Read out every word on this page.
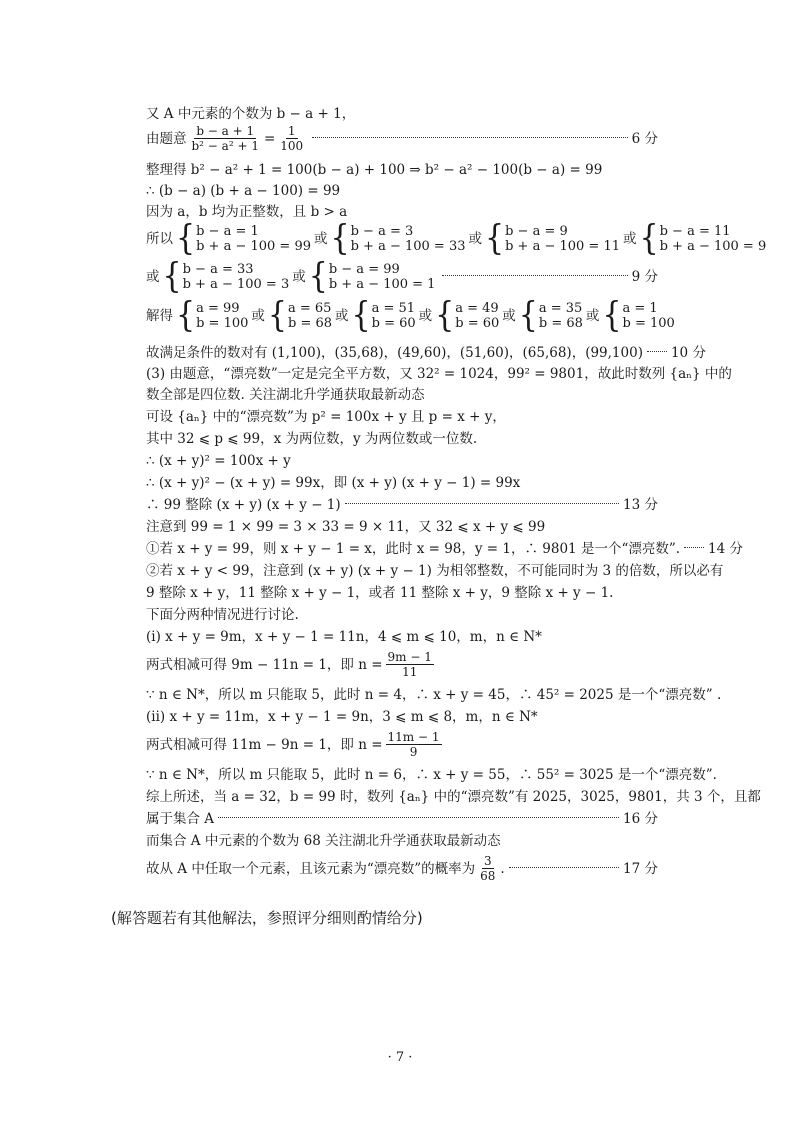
又 A 中元素的个数为 b − a + 1，
由题意 $\frac{b - a + 1}{\text{b² − a² + 1}} = \frac{1}{100}$	6 分
整理得 b² − a² + 1 = 100(b − a) + 100 ⇒ b² − a² − 100(b − a) = 99
∴ (b − a) (b + a − 100) = 99
因为 a，b 均为正整数，且 b > a
所以 { b − a = 1
b + a − 100 = 99 或 { b − a = 3
b + a − 100 = 33 或 { b − a = 9
b + a − 100 = 11 或 { b − a = 11
b + a − 100 = 9
或 { b − a = 33
b + a − 100 = 3 或 { b − a = 99
b + a − 100 = 1	9 分
解得 { a = 99
b = 100 或 { a = 65
b = 68 或 { a = 51
b = 60 或 { a = 49
b = 60 或 { a = 35
b = 68 或 { a = 1
b = 100
故满足条件的数对有 (1,100)，(35,68)，(49,60)，(51,60)，(65,68)，(99,100) 10 分
(3) 由题意，“漂亮数”一定是完全平方数，又 32² = 1024，99² = 9801，故此时数列 {aₙ} 中的
数全部是四位数. 关注湖北升学通获取最新动态
可设 {aₙ} 中的“漂亮数”为 p² = 100x + y 且 p = x + y，
其中 32 ⩽ p ⩽ 99，x 为两位数，y 为两位数或一位数.
∴ (x + y)² = 100x + y
∴ (x + y)² − (x + y) = 99x，即 (x + y) (x + y − 1) = 99x
∴ 99 整除 (x + y) (x + y − 1)	13 分
注意到 99 = 1 × 99 = 3 × 33 = 9 × 11，又 32 ⩽ x + y ⩽ 99
①若 x + y = 99，则 x + y − 1 = x，此时 x = 98，y = 1，∴ 9801 是一个“漂亮数”. 14 分
②若 x + y < 99，注意到 (x + y) (x + y − 1) 为相邻整数，不可能同时为 3 的倍数，所以必有
9 整除 x + y，11 整除 x + y − 1，或者 11 整除 x + y，9 整除 x + y − 1.
下面分两种情况进行讨论.
(i) x + y = 9m，x + y − 1 = 11n，4 ⩽ m ⩽ 10，m，n ∈ N*
两式相减可得 9m − 11n = 1，即 $n = \frac{9m - 1}{11}$
∵ n ∈ N*，所以 m 只能取 5，此时 n = 4，∴ x + y = 45，∴ 45² = 2025 是一个“漂亮数” .
(ii) x + y = 11m，x + y − 1 = 9n，3 ⩽ m ⩽ 8，m，n ∈ N*
两式相减可得 11m − 9n = 1，即 $n = \frac{11m - 1}{9}$
∵ n ∈ N*，所以 m 只能取 5，此时 n = 6，∴ x + y = 55，∴ 55² = 3025 是一个“漂亮数”.
综上所述，当 a = 32，b = 99 时，数列 {aₙ} 中的“漂亮数”有 2025，3025，9801，共 3 个，且都
属于集合 A	16 分
而集合 A 中元素的个数为 68 关注湖北升学通获取最新动态
故从 A 中任取一个元素，且该元素为“漂亮数”的概率为 $\frac{3}{68}$ .	17 分
(解答题若有其他解法，参照评分细则酌情给分)
· 7 ·
